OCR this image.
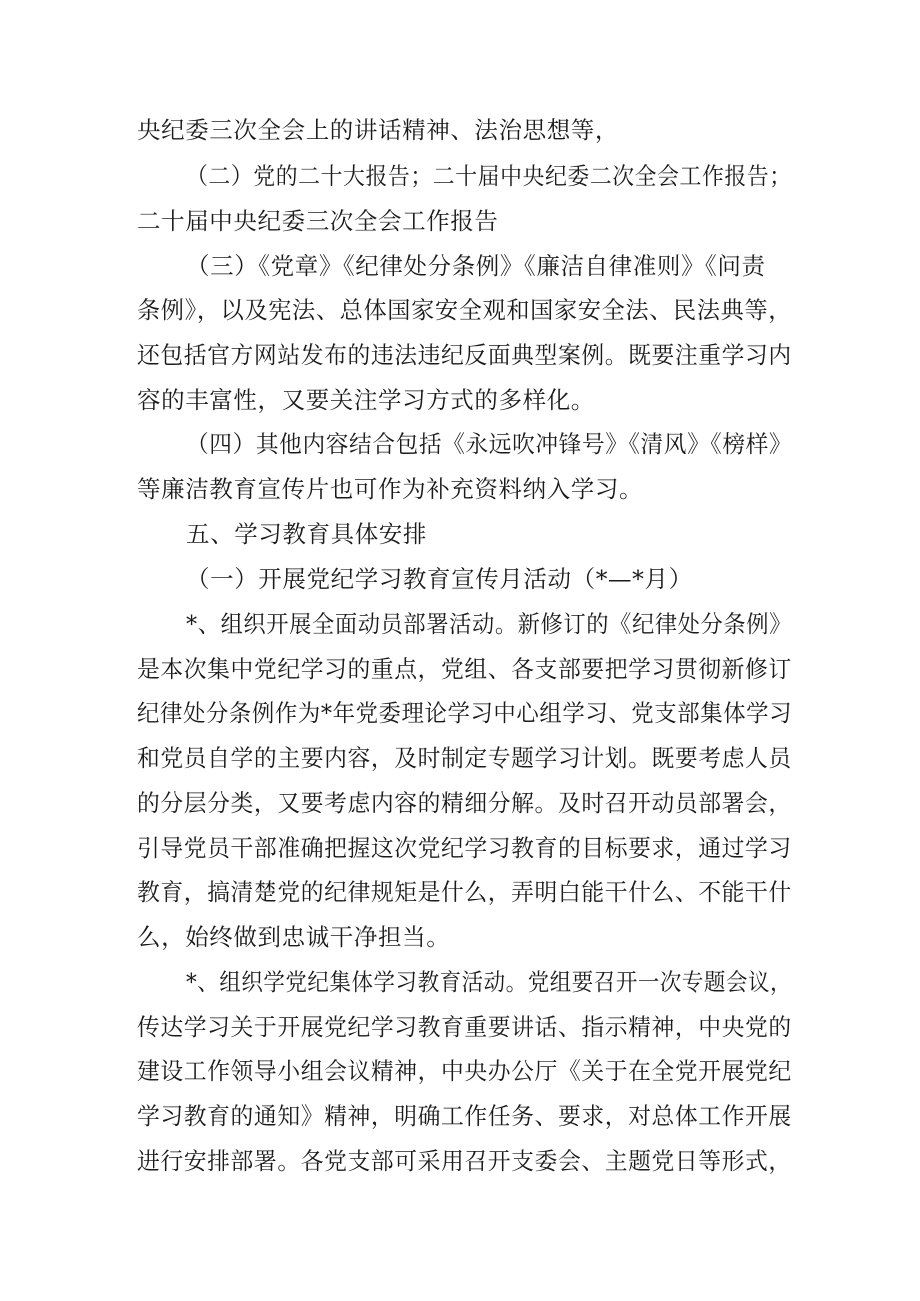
央纪委三次全会上的讲话精神、法治思想等，
（二）党的二十大报告；二十届中央纪委二次全会工作报告；
二十届中央纪委三次全会工作报告
（三）《党章》《纪律处分条例》《廉洁自律准则》《问责
条例》，以及宪法、总体国家安全观和国家安全法、民法典等，
还包括官方网站发布的违法违纪反面典型案例。既要注重学习内
容的丰富性，又要关注学习方式的多样化。
（四）其他内容结合包括《永远吹冲锋号》《清风》《榜样》
等廉洁教育宣传片也可作为补充资料纳入学习。
五、学习教育具体安排
（一）开展党纪学习教育宣传月活动（*—*月）
*、组织开展全面动员部署活动。新修订的《纪律处分条例》
是本次集中党纪学习的重点，党组、各支部要把学习贯彻新修订
纪律处分条例作为*年党委理论学习中心组学习、党支部集体学习
和党员自学的主要内容，及时制定专题学习计划。既要考虑人员
的分层分类，又要考虑内容的精细分解。及时召开动员部署会，
引导党员干部准确把握这次党纪学习教育的目标要求，通过学习
教育，搞清楚党的纪律规矩是什么，弄明白能干什么、不能干什
么，始终做到忠诚干净担当。
*、组织学党纪集体学习教育活动。党组要召开一次专题会议，
传达学习关于开展党纪学习教育重要讲话、指示精神，中央党的
建设工作领导小组会议精神，中央办公厅《关于在全党开展党纪
学习教育的通知》精神，明确工作任务、要求，对总体工作开展
进行安排部署。各党支部可采用召开支委会、主题党日等形式，
